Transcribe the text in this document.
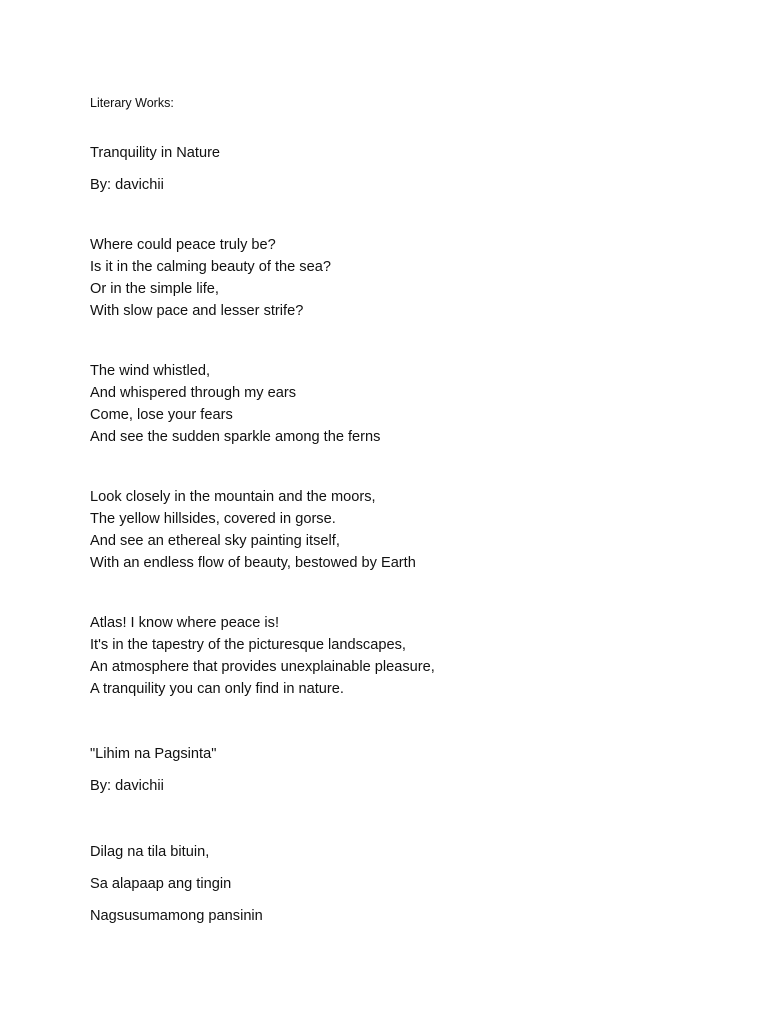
Literary Works:

Tranquility in Nature

By: davichii

Where could peace truly be?

Is it in the calming beauty of the sea?

Or in the simple life,

With slow pace and lesser strife?

The wind whistled,

And whispered through my ears

Come, lose your fears

And see the sudden sparkle among the ferns

Look closely in the mountain and the moors,

The yellow hillsides, covered in gorse.

And see an ethereal sky painting itself,

With an endless flow of beauty, bestowed by Earth

Atlas! I know where peace is!

It's in the tapestry of the picturesque landscapes,

An atmosphere that provides unexplainable pleasure,

A tranquility you can only find in nature.

"Lihim na Pagsinta"

By: davichii

Dilag na tila bituin,

Sa alapaap ang tingin

Nagsusumamong pansinin
